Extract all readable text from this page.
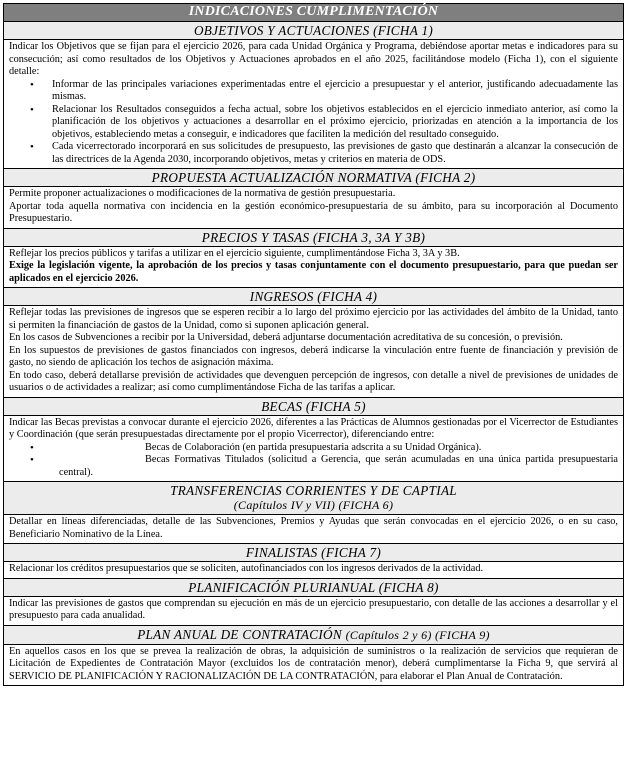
INDICACIONES CUMPLIMENTACIÓN
OBJETIVOS Y ACTUACIONES (FICHA 1)

Indicar los Objetivos que se fijan para el ejercicio 2026, para cada Unidad Orgánica y Programa, debiéndose aportar metas e indicadores para su consecución; así como resultados de los Objetivos y Actuaciones aprobados en el año 2025, facilitándose modelo (Ficha 1), con el siguiente detalle:

• Informar de las principales variaciones experimentadas entre el ejercicio a presupuestar y el anterior, justificando adecuadamente las mismas.
• Relacionar los Resultados conseguidos a fecha actual, sobre los objetivos establecidos en el ejercicio inmediato anterior, así como la planificación de los objetivos y actuaciones a desarrollar en el próximo ejercicio, priorizadas en atención a la importancia de los objetivos, estableciendo metas a conseguir, e indicadores que faciliten la medición del resultado conseguido.
• Cada vicerrectorado incorporará en sus solicitudes de presupuesto, las previsiones de gasto que destinarán a alcanzar la consecución de las directrices de la Agenda 2030, incorporando objetivos, metas y criterios en materia de ODS.
PROPUESTA ACTUALIZACIÓN NORMATIVA (FICHA 2)

Permite proponer actualizaciones o modificaciones de la normativa de gestión presupuestaria.

Aportar toda aquella normativa con incidencia en la gestión económico-presupuestaria de su ámbito, para su incorporación al Documento Presupuestario.

PRECIOS Y TASAS (FICHA 3, 3A Y 3B)

Reflejar los precios públicos y tarifas a utilizar en el ejercicio siguiente, cumplimentándose Ficha 3, 3A y 3B.

Exige la legislación vigente, la aprobación de los precios y tasas conjuntamente con el documento presupuestario, para que puedan ser aplicados en el ejercicio 2026.

INGRESOS (FICHA 4)

Reflejar todas las previsiones de ingresos que se esperen recibir a lo largo del próximo ejercicio por las actividades del ámbito de la Unidad, tanto si permiten la financiación de gastos de la Unidad, como si suponen aplicación general.

En los casos de Subvenciones a recibir por la Universidad, deberá adjuntarse documentación acreditativa de su concesión, o previsión.

En los supuestos de previsiones de gastos financiados con ingresos, deberá indicarse la vinculación entre fuente de financiación y previsión de gasto, no siendo de aplicación los techos de asignación máxima.

En todo caso, deberá detallarse previsión de actividades que devenguen percepción de ingresos, con detalle a nivel de previsiones de unidades de usuarios o de actividades a realizar; así como cumplimentándose Ficha de las tarifas a aplicar.

BECAS (FICHA 5)

Indicar las Becas previstas a convocar durante el ejercicio 2026, diferentes a las Prácticas de Alumnos gestionadas por el Vicerrector de Estudiantes y Coordinación (que serán presupuestadas directamente por el propio Vicerrector), diferenciando entre:

• Becas de Colaboración (en partida presupuestaria adscrita a su Unidad Orgánica).
• Becas Formativas Titulados (solicitud a Gerencia, que serán acumuladas en una única partida presupuestaria central).
TRANSFERENCIAS CORRIENTES Y DE CAPTIAL
(Capítulos IV y VII) (FICHA 6)

Detallar en líneas diferenciadas, detalle de las Subvenciones, Premios y Ayudas que serán convocadas en el ejercicio 2026, o en su caso, Beneficiario Nominativo de la Línea.

FINALISTAS (FICHA 7)

Relacionar los créditos presupuestarios que se soliciten, autofinanciados con los ingresos derivados de la actividad.

PLANIFICACIÓN PLURIANUAL (FICHA 8)

Indicar las previsiones de gastos que comprendan su ejecución en más de un ejercicio presupuestario, con detalle de las acciones a desarrollar y el presupuesto para cada anualidad.

PLAN ANUAL DE CONTRATACIÓN (Capítulos 2 y 6) (FICHA 9)

En aquellos casos en los que se prevea la realización de obras, la adquisición de suministros o la realización de servicios que requieran de Licitación de Expedientes de Contratación Mayor (excluidos los de contratación menor), deberá cumplimentarse la Ficha 9, que servirá al SERVICIO DE PLANIFICACIÓN Y RACIONALIZACIÓN DE LA CONTRATACIÓN, para elaborar el Plan Anual de Contratación.
